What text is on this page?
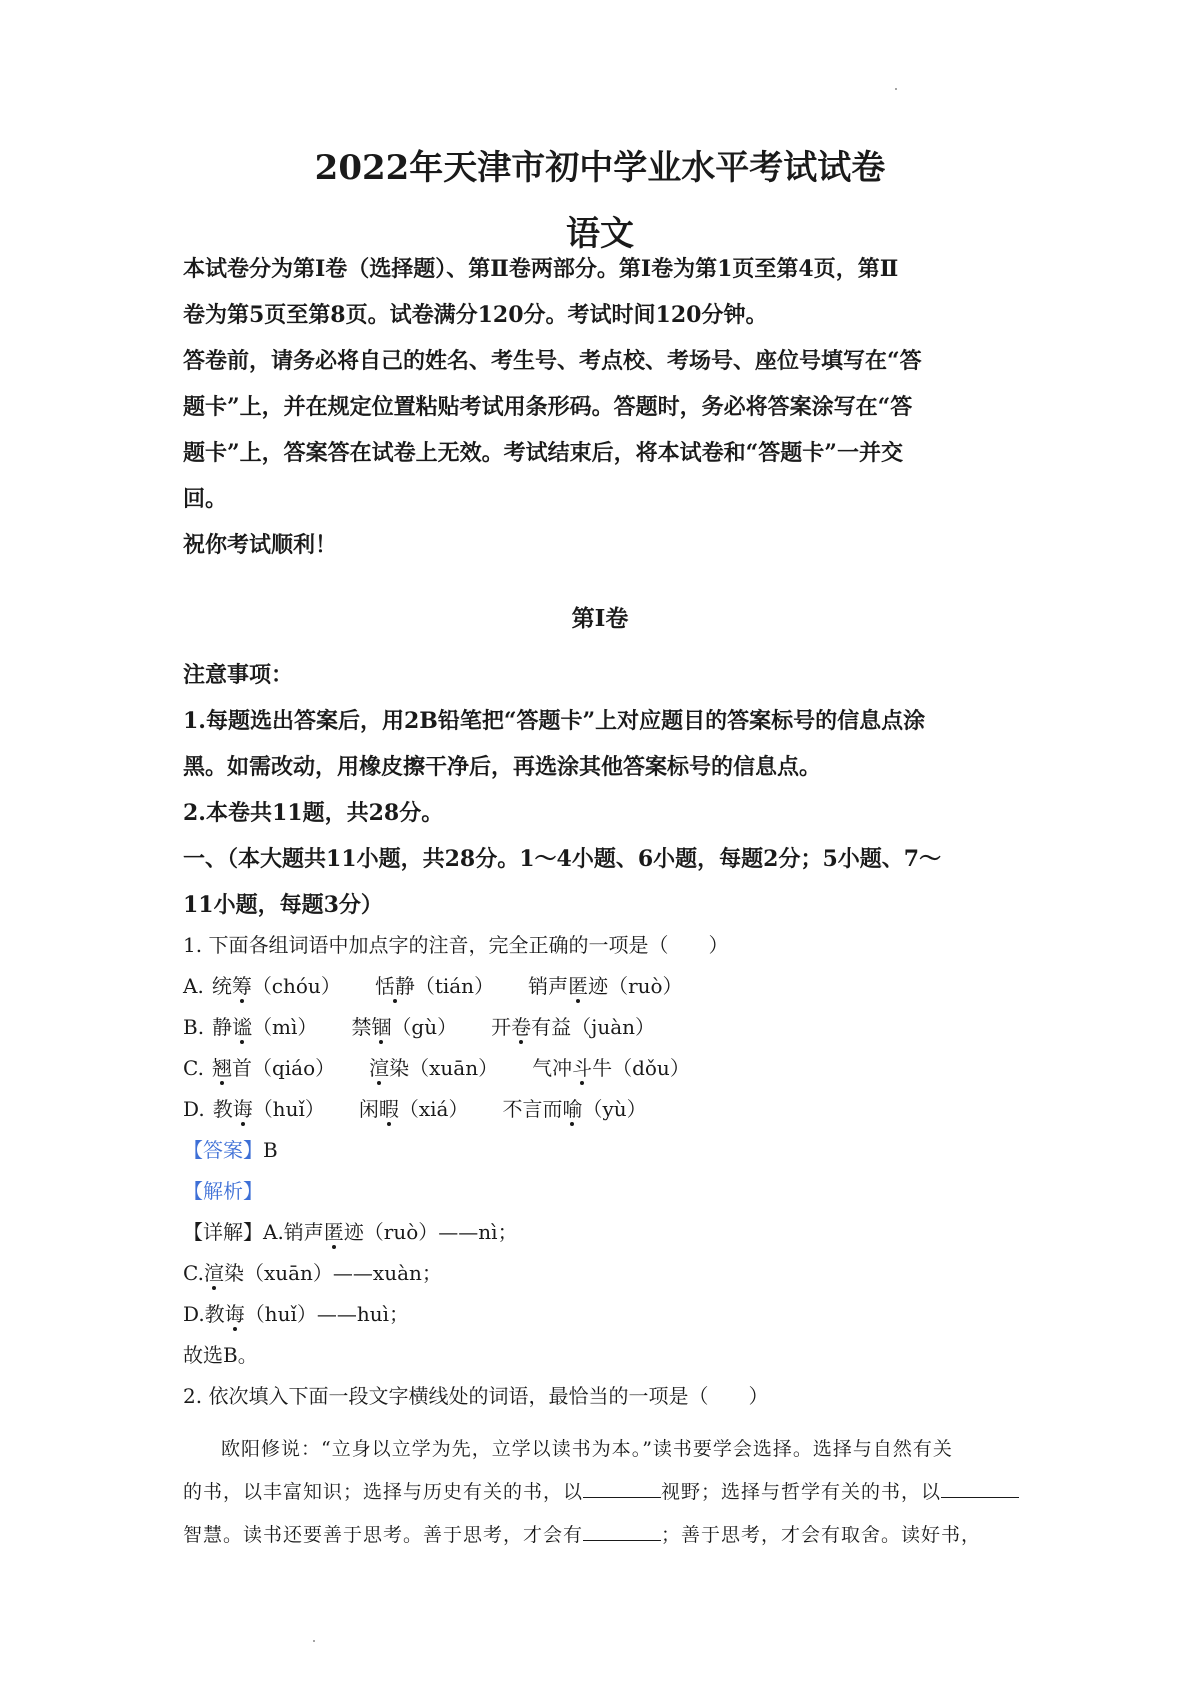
2022年天津市初中学业水平考试试卷
语文

本试卷分为第Ⅰ卷（选择题）、第Ⅱ卷两部分。第Ⅰ卷为第1页至第4页，第Ⅱ

卷为第5页至第8页。试卷满分120分。考试时间120分钟。

答卷前，请务必将自己的姓名、考生号、考点校、考场号、座位号填写在“答

题卡”上，并在规定位置粘贴考试用条形码。答题时，务必将答案涂写在“答

题卡”上，答案答在试卷上无效。考试结束后，将本试卷和“答题卡”一并交

回。

祝你考试顺利！

第Ⅰ卷

注意事项：

1.每题选出答案后，用2B铅笔把“答题卡”上对应题目的答案标号的信息点涂

黑。如需改动，用橡皮擦干净后，再选涂其他答案标号的信息点。

2.本卷共11题，共28分。

一、（本大题共11小题，共28分。1～4小题、6小题，每题2分；5小题、7～

11小题，每题3分）

1. 下面各组词语中加点字的注音，完全正确的一项是（　　）

A. 统筹（chóu） 恬静（tián） 销声匿迹（ruò）

B. 静谧（mì） 禁锢（gù） 开卷有益（juàn）

C. 翘首（qiáo） 渲染（xuān） 气冲斗牛（dǒu）

D. 教诲（huǐ） 闲暇（xiá） 不言而喻（yù）

【答案】B

【解析】

【详解】A.销声匿迹（ruò）——nì；

C.渲染（xuān）——xuàn；

D.教诲（huǐ）——huì；

故选B。

2. 依次填入下面一段文字横线处的词语，最恰当的一项是（　　）

欧阳修说：“立身以立学为先，立学以读书为本。”读书要学会选择。选择与自然有关

的书，以丰富知识；选择与历史有关的书，以	视野；选择与哲学有关的书，以

智慧。读书还要善于思考。善于思考，才会有	；善于思考，才会有取舍。读好书，
